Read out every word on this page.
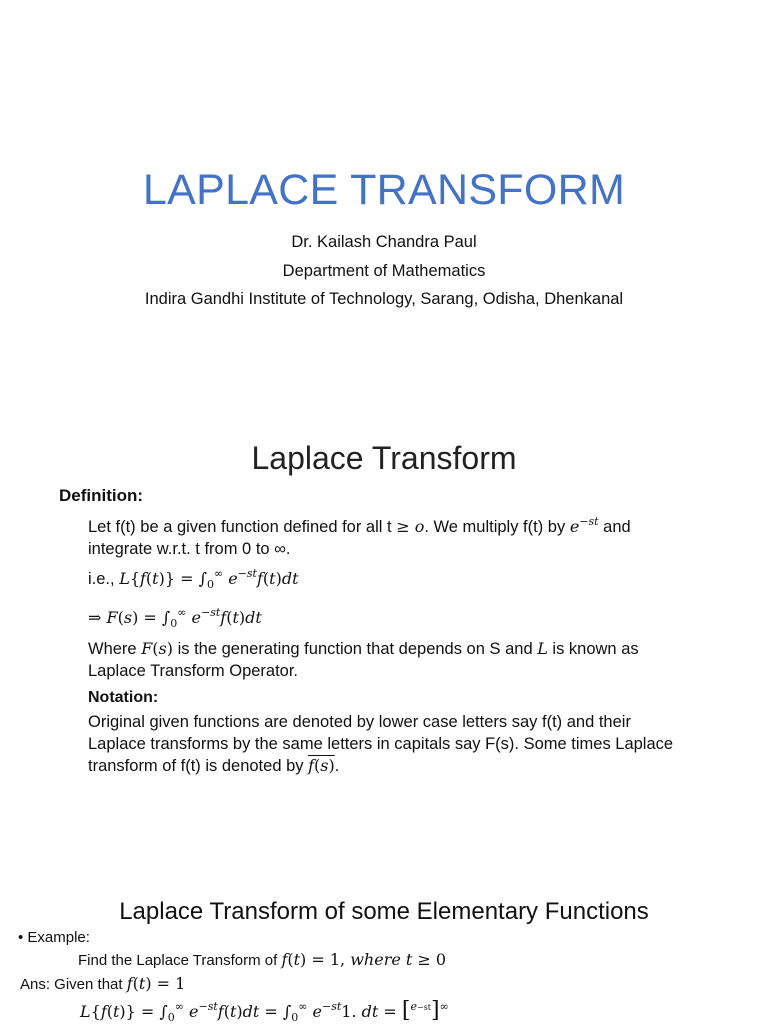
LAPLACE TRANSFORM
Dr. Kailash Chandra Paul
Department of Mathematics
Indira Gandhi Institute of Technology, Sarang, Odisha, Dhenkanal
Laplace Transform
Definition:
Let f(t) be a given function defined for all t ≥ o. We multiply f(t) by $e^{-st}$ and
integrate w.r.t. t from 0 to ∞.
i.e., $L\{f(t)\} = \int_0^\infty$ $e^{-st}f(t)dt$
⇒ $F(s) = \int_0^\infty$ $e^{-st}f(t)dt$
Where F(s) is the generating function that depends on S and L is known as
Laplace Transform Operator.
Notation:
Original given functions are denoted by lower case letters say f(t) and their
Laplace transforms by the same letters in capitals say F(s). Some times Laplace
transform of f(t) is denoted by f(s).
Laplace Transform of some Elementary Functions
• Example:
Find the Laplace Transform of f(t) = 1, where t ≥ 0
Ans: Given that f(t) = 1
$L\{f(t)\} = \int_0^\infty$ $e^{-st}f(t)dt = \int_0^\infty$ $e^{-st}1$. dt = [$^{e-st}$]∞
